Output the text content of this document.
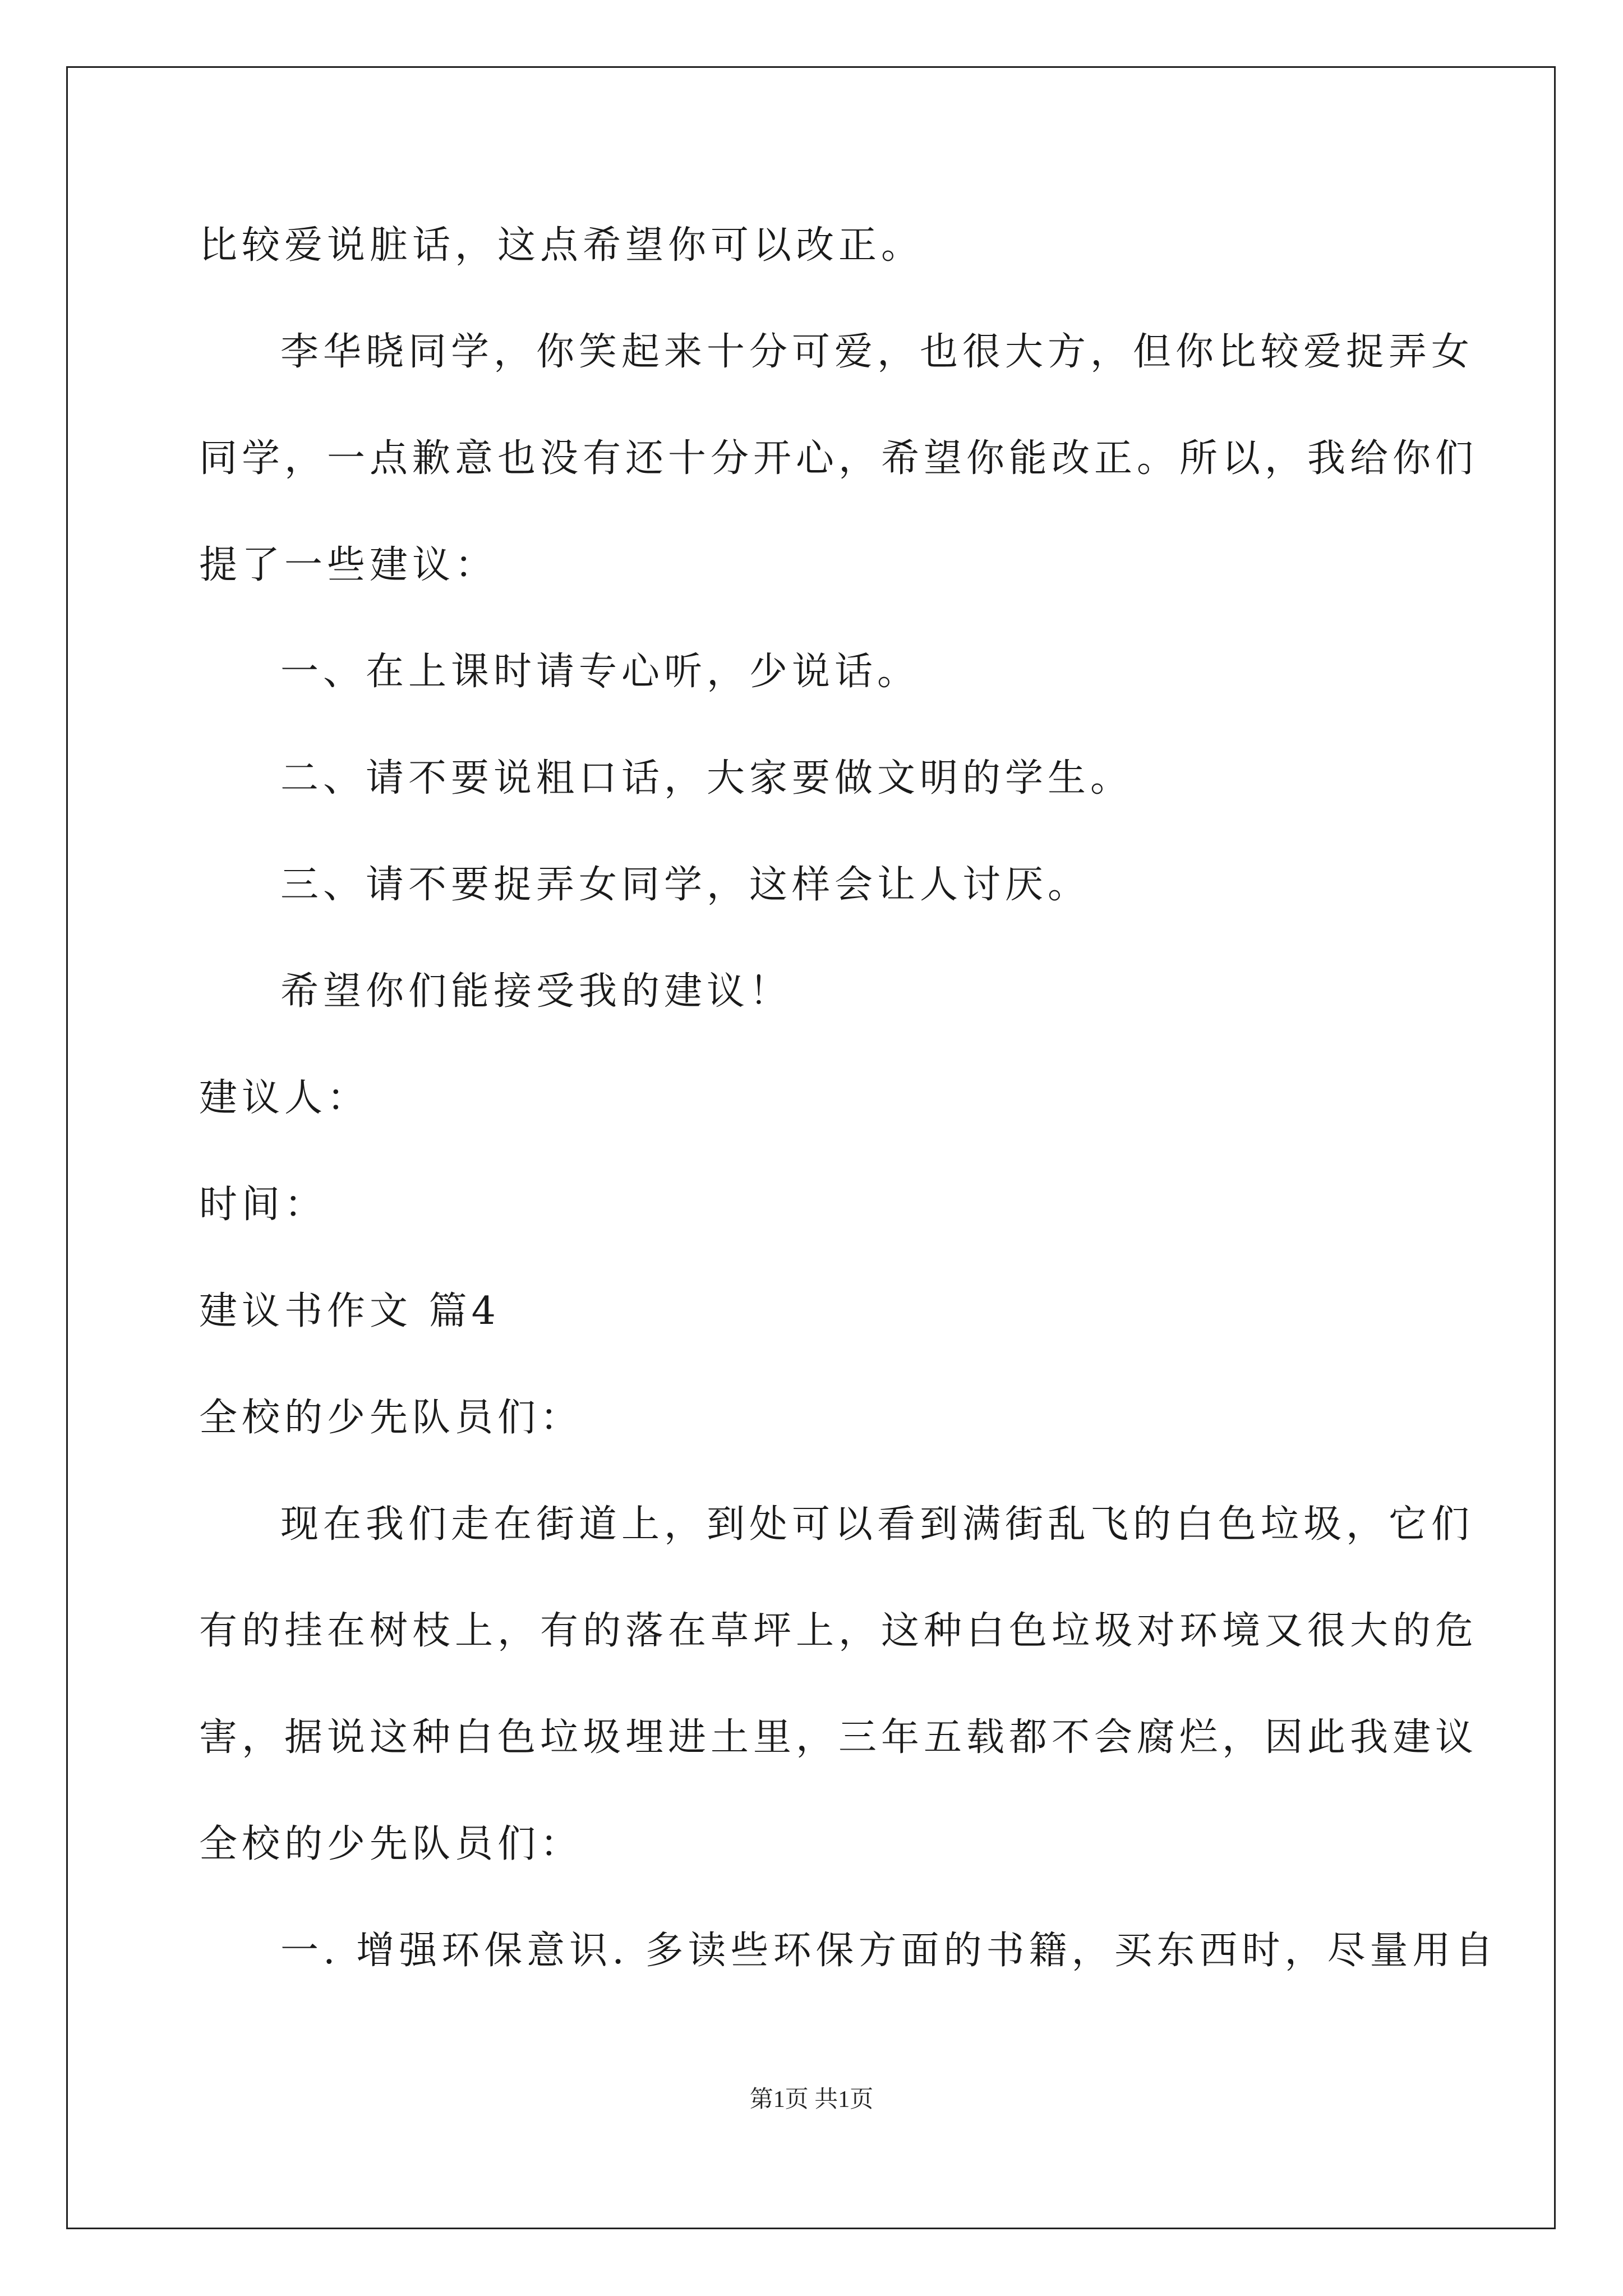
比较爱说脏话，这点希望你可以改正。
李华晓同学，你笑起来十分可爱，也很大方，但你比较爱捉弄女
同学，一点歉意也没有还十分开心，希望你能改正。所以，我给你们
提了一些建议：
一、在上课时请专心听，少说话。
二、请不要说粗口话，大家要做文明的学生。
三、请不要捉弄女同学，这样会让人讨厌。
希望你们能接受我的建议！
建议人：
时间：
建议书作文 篇4
全校的少先队员们：
现在我们走在街道上，到处可以看到满街乱飞的白色垃圾，它们
有的挂在树枝上，有的落在草坪上，这种白色垃圾对环境又很大的危
害，据说这种白色垃圾埋进土里，三年五载都不会腐烂，因此我建议
全校的少先队员们：
一. 增强环保意识. 多读些环保方面的书籍，买东西时，尽量用自
第1页 共1页
